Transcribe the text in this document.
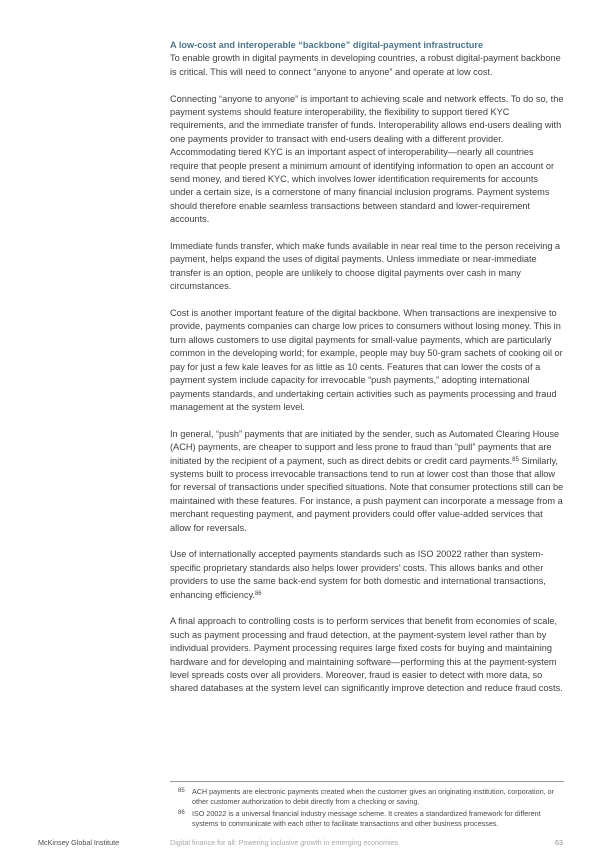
A low-cost and interoperable “backbone” digital-payment infrastructure

To enable growth in digital payments in developing countries, a robust digital-payment backbone is critical. This will need to connect “anyone to anyone” and operate at low cost.

Connecting “anyone to anyone” is important to achieving scale and network effects. To do so, the payment systems should feature interoperability, the flexibility to support tiered KYC requirements, and the immediate transfer of funds. Interoperability allows end-users dealing with one payments provider to transact with end-users dealing with a different provider. Accommodating tiered KYC is an important aspect of interoperability—nearly all countries require that people present a minimum amount of identifying information to open an account or send money, and tiered KYC, which involves lower identification requirements for accounts under a certain size, is a cornerstone of many financial inclusion programs. Payment systems should therefore enable seamless transactions between standard and lower-requirement accounts.

Immediate funds transfer, which make funds available in near real time to the person receiving a payment, helps expand the uses of digital payments. Unless immediate or near-immediate transfer is an option, people are unlikely to choose digital payments over cash in many circumstances.

Cost is another important feature of the digital backbone. When transactions are inexpensive to provide, payments companies can charge low prices to consumers without losing money. This in turn allows customers to use digital payments for small-value payments, which are particularly common in the developing world; for example, people may buy 50-gram sachets of cooking oil or pay for just a few kale leaves for as little as 10 cents. Features that can lower the costs of a payment system include capacity for irrevocable “push payments,” adopting international payments standards, and undertaking certain activities such as payments processing and fraud management at the system level.

In general, “push” payments that are initiated by the sender, such as Automated Clearing House (ACH) payments, are cheaper to support and less prone to fraud than “pull” payments that are initiated by the recipient of a payment, such as direct debits or credit card payments.$^{85}$ Similarly, systems built to process irrevocable transactions tend to run at lower cost than those that allow for reversal of transactions under specified situations. Note that consumer protections still can be maintained with these features. For instance, a push payment can incorporate a message from a merchant requesting payment, and payment providers could offer value-added services that allow for reversals.

Use of internationally accepted payments standards such as ISO 20022 rather than system-specific proprietary standards also helps lower providers’ costs. This allows banks and other providers to use the same back-end system for both domestic and international transactions, enhancing efficiency.$^{86}$

A final approach to controlling costs is to perform services that benefit from economies of scale, such as payment processing and fraud detection, at the payment-system level rather than by individual providers. Payment processing requires large fixed costs for buying and maintaining hardware and for developing and maintaining software—performing this at the payment-system level spreads costs over all providers. Moreover, fraud is easier to detect with more data, so shared databases at the system level can significantly improve detection and reduce fraud costs.

85	ACH payments are electronic payments created when the customer gives an originating institution, corporation, or other customer authorization to debit directly from a checking or saving.
86	ISO 20022 is a universal financial industry message scheme. It creates a standardized framework for different systems to communicate with each other to facilitate transactions and other business processes.
McKinsey Global Institute	Digital finance for all: Powering inclusive growth in emerging economies	63
